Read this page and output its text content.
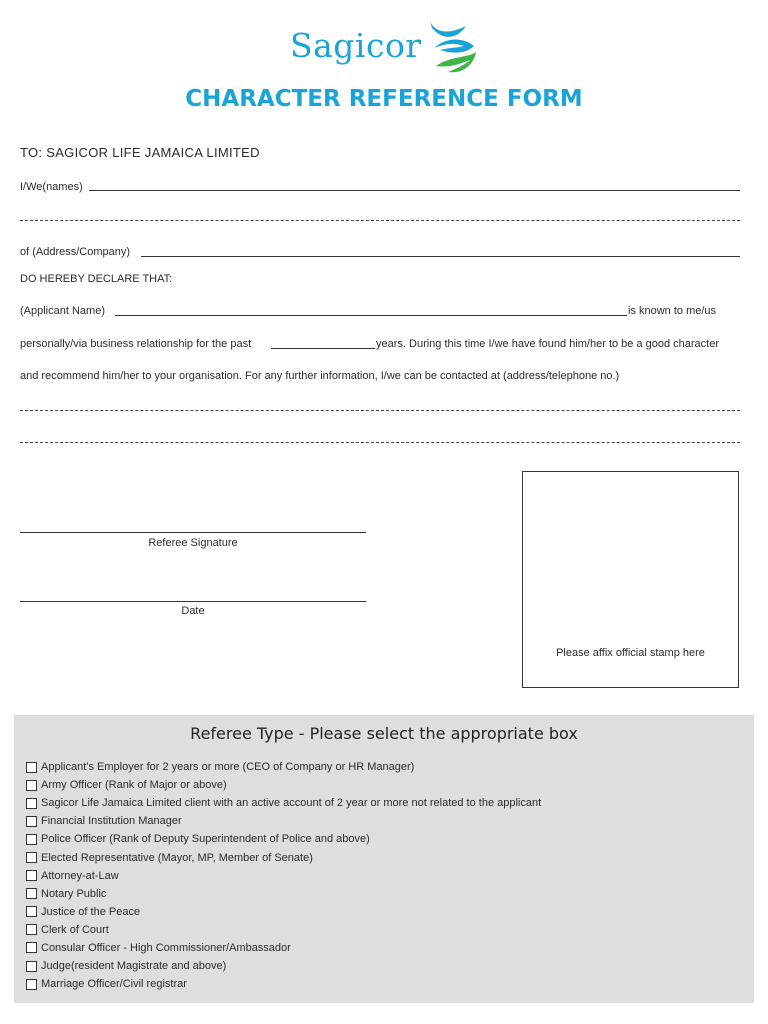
Sagicor
CHARACTER REFERENCE FORM
TO: SAGICOR LIFE JAMAICA LIMITED
I/We(names)
of (Address/Company)
DO HEREBY DECLARE THAT:
(Applicant Name)	is known to me/us
personally/via business relationship for the past	years. During this time I/we have found him/her to be a good character
and recommend him/her to your organisation. For any further information, I/we can be contacted at (address/telephone no.)
Referee Signature
Date
Please affix official stamp here
Referee Type - Please select the appropriate box
Applicant’s Employer for 2 years or more (CEO of Company or HR Manager)
Army Officer (Rank of Major or above)
Sagicor Life Jamaica Limited client with an active account of 2 year or more not related to the applicant
Financial Institution Manager
Police Officer (Rank of Deputy Superintendent of Police and above)
Elected Representative (Mayor, MP, Member of Senate)
Attorney-at-Law
Notary Public
Justice of the Peace
Clerk of Court
Consular Officer - High Commissioner/Ambassador
Judge(resident Magistrate and above)
Marriage Officer/Civil registrar
